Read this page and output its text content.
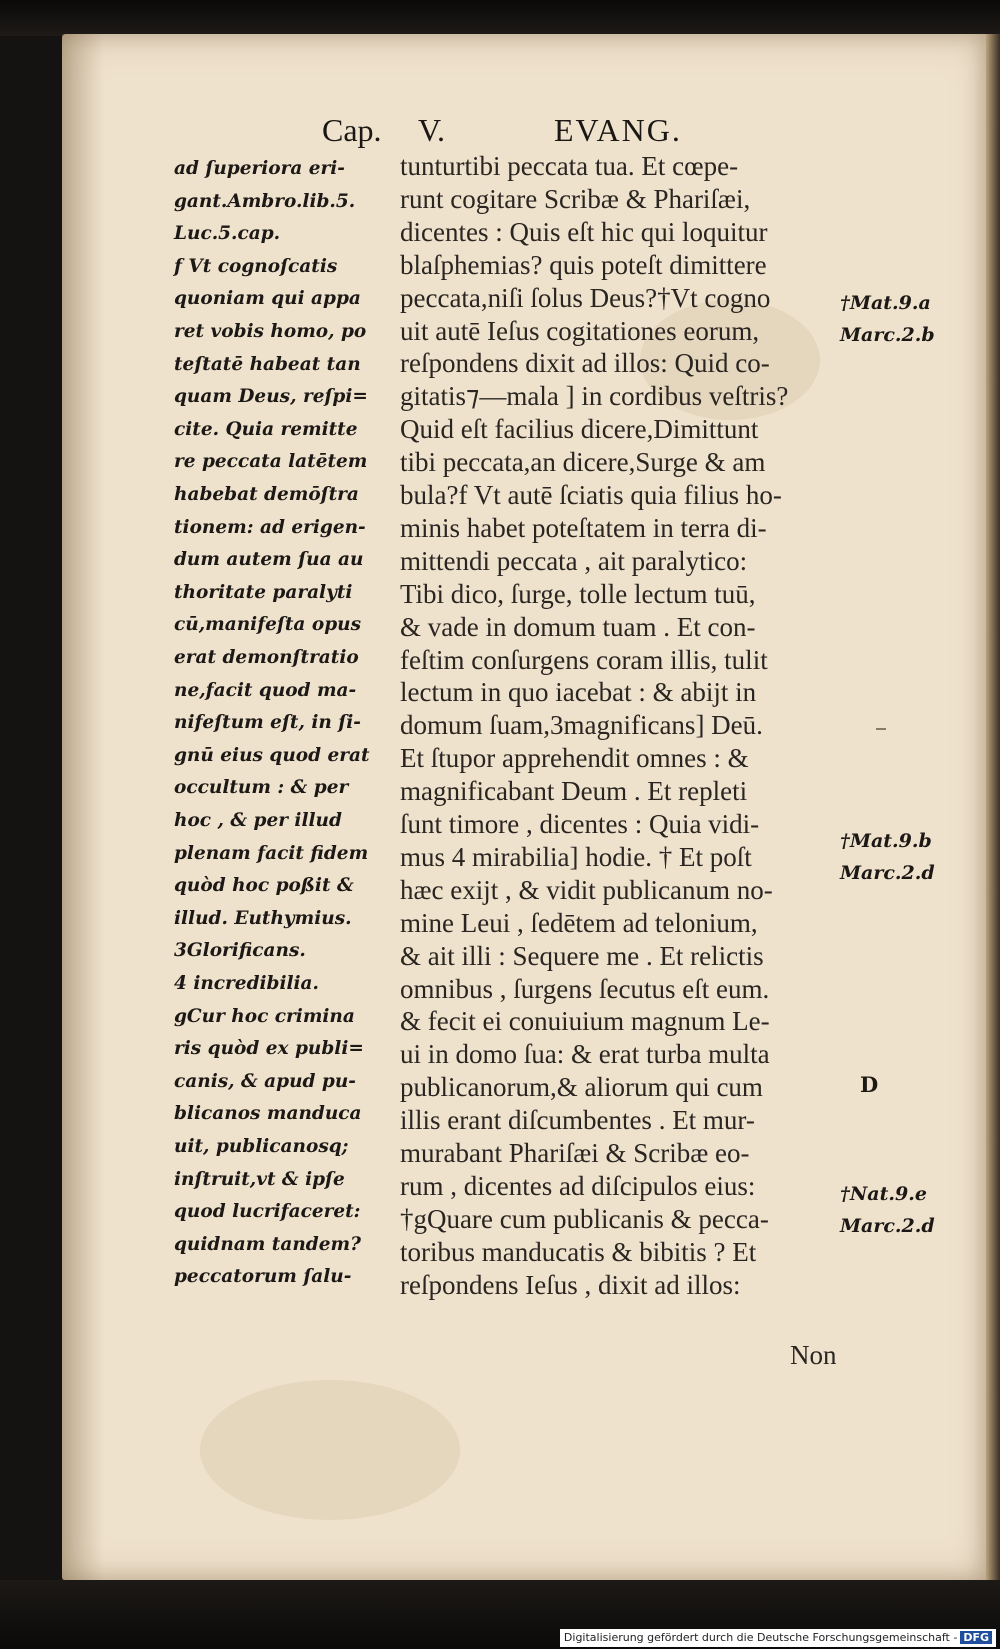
Cap. V.	EVANG.
ad ſuperiora eri-
gant.Ambro.lib.5.
Luc.5.cap.
f Vt cognoſcatis
quoniam qui appa
ret vobis homo, po
teſtatē habeat tan
quam Deus, reſpi=
cite. Quia remitte
re peccata latētem
habebat demōſtra
tionem: ad erigen-
dum autem ſua au
thoritate paralyti
cū,manifeſta opus
erat demonſtratio
ne,facit quod ma-
nifeſtum eſt, in ſi-
gnū eius quod erat
occultum : & per
hoc , & per illud
plenam facit fidem
quòd hoc poßit &
illud. Euthymius.
3Glorificans.
4 incredibilia.
gCur hoc crimina
ris quòd ex publi=
canis, & apud pu-
blicanos manduca
uit, publicanosq;
inſtruit,vt & ipſe
quod lucrifaceret:
quidnam tandem?
peccatorum ſalu-
tunturtibi peccata tua. Et cœpe-
runt cogitare Scribæ & Phariſæi,
dicentes : Quis eſt hic qui loquitur
blaſphemias? quis poteſt dimittere
peccata,niſi ſolus Deus?†Vt cogno
uit autē Ieſus cogitationes eorum,
reſpondens dixit ad illos: Quid co-
gitatis⁊—mala ] in cordibus veſtris?
Quid eſt facilius dicere,Dimittunt
tibi peccata,an dicere,Surge & am
bula?f Vt autē ſciatis quia filius ho-
minis habet poteſtatem in terra di-
mittendi peccata , ait paralytico:
Tibi dico, ſurge, tolle lectum tuū,
& vade in domum tuam . Et con-
feſtim conſurgens coram illis, tulit
lectum in quo iacebat : & abijt in
domum ſuam,3magnificans] Deū.
Et ſtupor apprehendit omnes : &
magnificabant Deum . Et repleti
ſunt timore , dicentes : Quia vidi-
mus 4 mirabilia] hodie. † Et poſt
hæc exijt , & vidit publicanum no-
mine Leui , ſedētem ad telonium,
& ait illi : Sequere me . Et relictis
omnibus , ſurgens ſecutus eſt eum.
& fecit ei conuiuium magnum Le-
ui in domo ſua: & erat turba multa
publicanorum,& aliorum qui cum
illis erant diſcumbentes . Et mur-
murabant Phariſæi & Scribæ eo-
rum , dicentes ad diſcipulos eius:
†gQuare cum publicanis & pecca-
toribus manducatis & bibitis ? Et
reſpondens Ieſus , dixit ad illos:
Non
†Mat.9.a
Marc.2.b
†Mat.9.b
Marc.2.d
†Nat.9.e
Marc.2.d
D
Digitalisierung gefördert durch die Deutsche Forschungsgemeinschaft - DFG
